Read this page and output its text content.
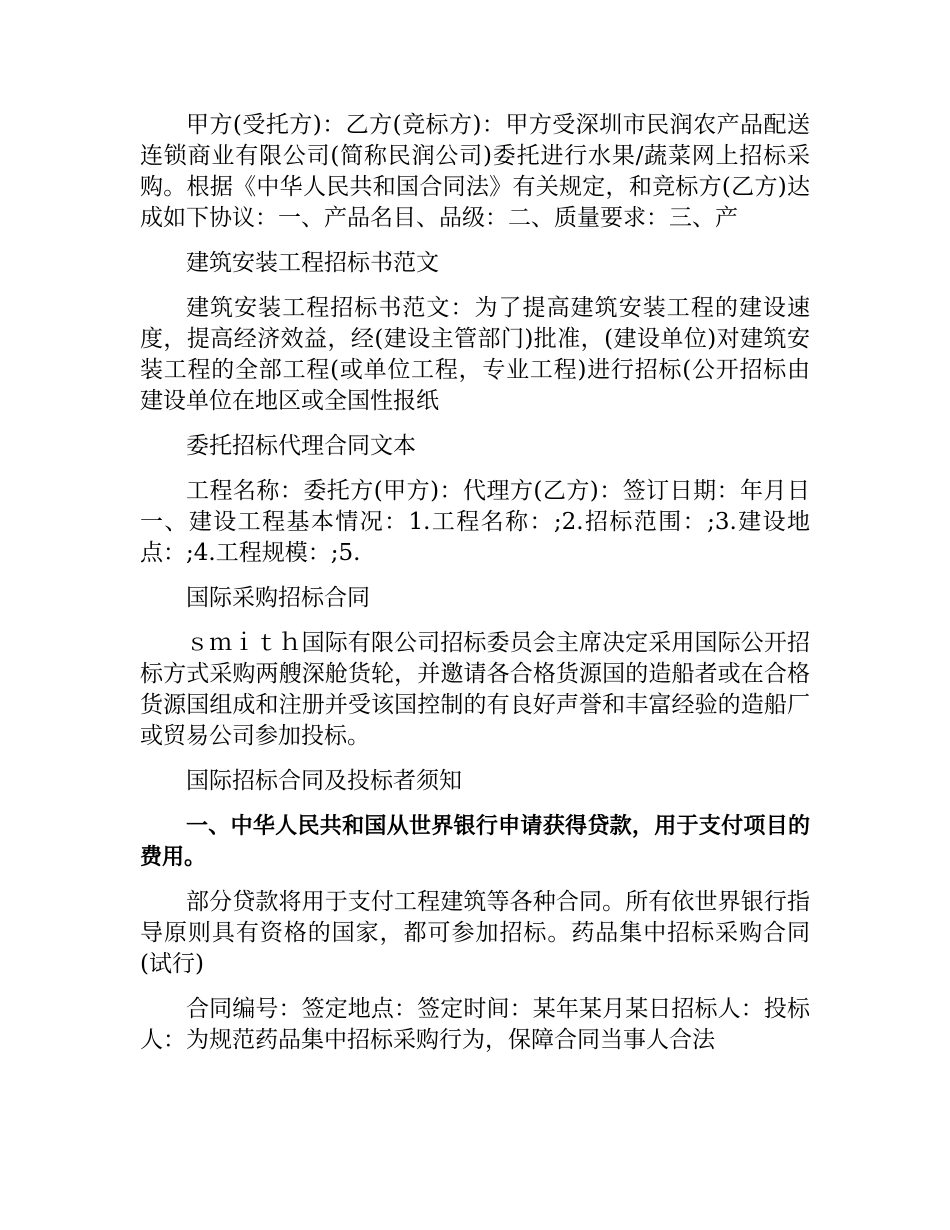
甲方(受托方)：乙方(竞标方)：甲方受深圳市民润农产品配送连锁商业有限公司(简称民润公司)委托进行水果/蔬菜网上招标采购。根据《中华人民共和国合同法》有关规定，和竞标方(乙方)达成如下协议：一、产品名目、品级：二、质量要求：三、产

建筑安装工程招标书范文

建筑安装工程招标书范文：为了提高建筑安装工程的建设速度，提高经济效益，经(建设主管部门)批准，(建设单位)对建筑安装工程的全部工程(或单位工程，专业工程)进行招标(公开招标由建设单位在地区或全国性报纸

委托招标代理合同文本

工程名称：委托方(甲方)：代理方(乙方)：签订日期：年月日一、建设工程基本情况：1.工程名称：;2.招标范围：;3.建设地点：;4.工程规模：;5.

国际采购招标合同

ｓｍｉｔｈ国际有限公司招标委员会主席决定采用国际公开招标方式采购两艘深舱货轮，并邀请各合格货源国的造船者或在合格货源国组成和注册并受该国控制的有良好声誉和丰富经验的造船厂或贸易公司参加投标。

国际招标合同及投标者须知

一、中华人民共和国从世界银行申请获得贷款，用于支付项目的费用。

部分贷款将用于支付工程建筑等各种合同。所有依世界银行指导原则具有资格的国家，都可参加招标。药品集中招标采购合同(试行)

合同编号：签定地点：签定时间：某年某月某日招标人：投标人：为规范药品集中招标采购行为，保障合同当事人合法
